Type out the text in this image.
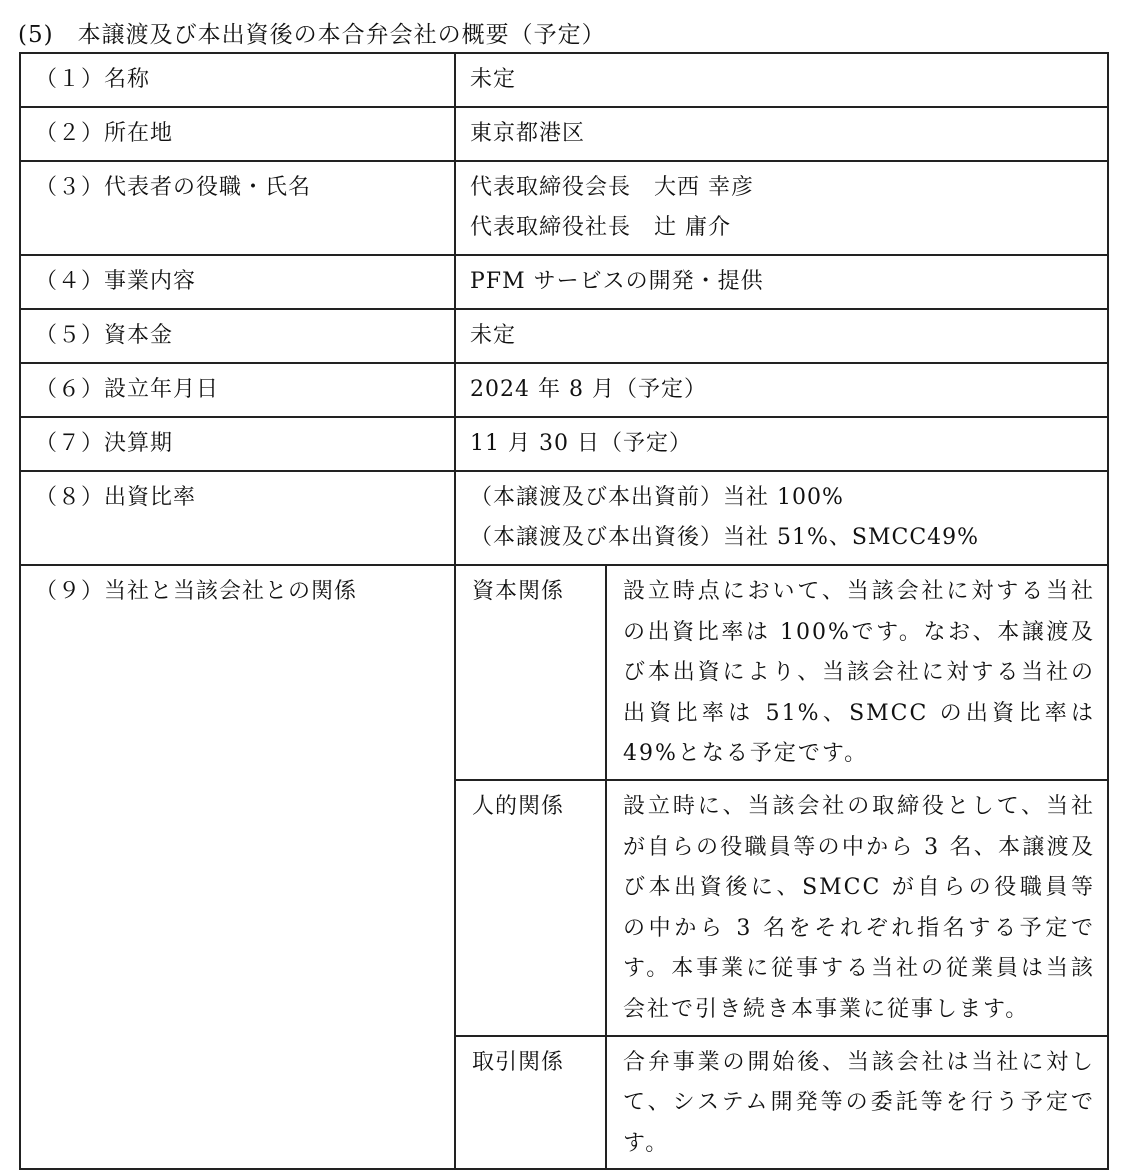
(5)　本譲渡及び本出資後の本合弁会社の概要（予定）
（１）名称	未定
（２）所在地	東京都港区
（３）代表者の役職・氏名	代表取締役会長　大西 幸彦
代表取締役社長　辻 庸介

（４）事業内容	PFM サービスの開発・提供
（５）資本金	未定
（６）設立年月日	2024 年 8 月（予定）
（７）決算期	11 月 30 日（予定）
（８）出資比率	（本譲渡及び本出資前）当社 100%
（本譲渡及び本出資後）当社 51%、SMCC49%

（９）当社と当該会社との関係		資本関係	設立時点において、当該会社に対する当社の出資比率は 100%です。なお、本譲渡及び本出資により、当該会社に対する当社の出資比率は 51%、SMCC の出資比率は 49%となる予定です。
人的関係	設立時に、当該会社の取締役として、当社が自らの役職員等の中から 3 名、本譲渡及び本出資後に、SMCC が自らの役職員等の中から 3 名をそれぞれ指名する予定です。本事業に従事する当社の従業員は当該会社で引き続き本事業に従事します。
取引関係	合弁事業の開始後、当該会社は当社に対して、システム開発等の委託等を行う予定です。
